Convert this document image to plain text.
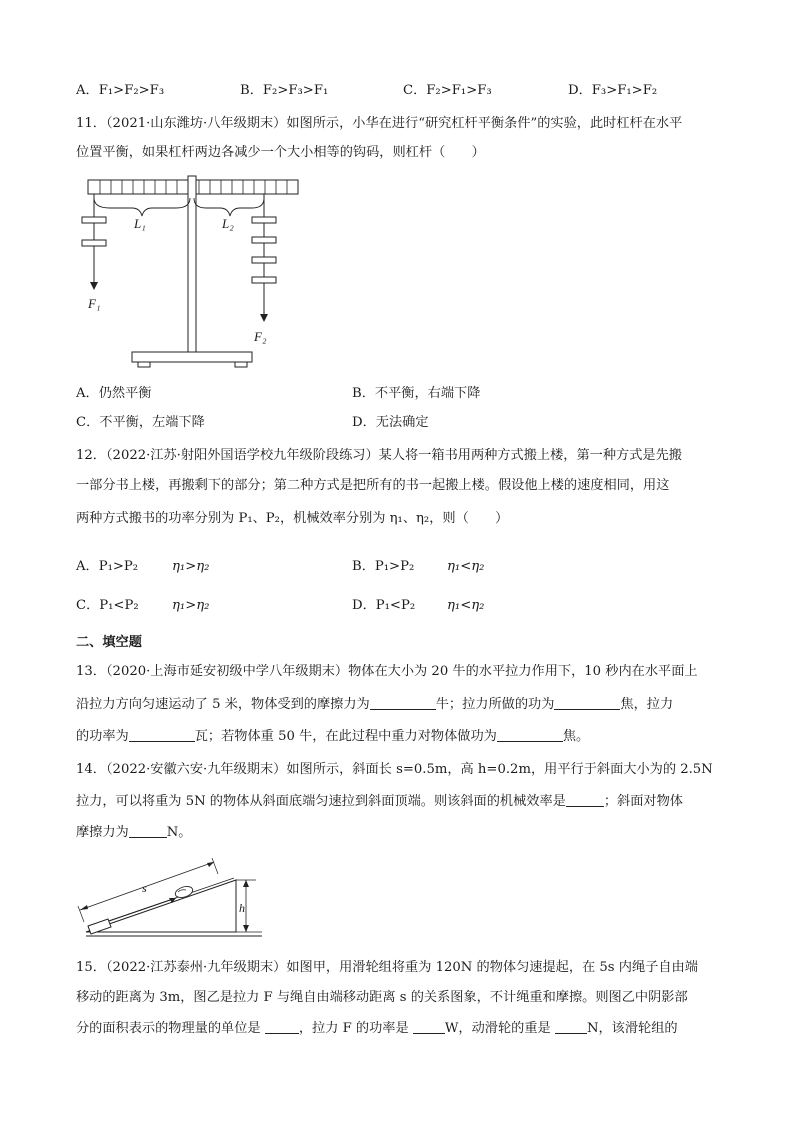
A．F₁>F₂>F₃	B．F₂>F₃>F₁	C．F₂>F₁>F₃	D．F₃>F₁>F₂
11．（2021·山东潍坊·八年级期末）如图所示，小华在进行“研究杠杆平衡条件”的实验，此时杠杆在水平
位置平衡，如果杠杆两边各减少一个大小相等的钩码，则杠杆（　　）
L₁	L₂
F₁
F₂
A．仍然平衡	B．不平衡，右端下降
C．不平衡，左端下降	D．无法确定
12．（2022·江苏·射阳外国语学校九年级阶段练习）某人将一箱书用两种方式搬上楼，第一种方式是先搬
一部分书上楼，再搬剩下的部分；第二种方式是把所有的书一起搬上楼。假设他上楼的速度相同，用这
两种方式搬书的功率分别为 P₁、P₂，机械效率分别为 η₁、η₂，则（　　）
A．P₁>P₂	η₁>η₂	B．P₁>P₂ η₁<η₂
C．P₁<P₂	η₁>η₂	D．P₁<P₂ η₁<η₂
二、填空题
13．（2020·上海市延安初级中学八年级期末）物体在大小为 20 牛的水平拉力作用下，10 秒内在水平面上
沿拉力方向匀速运动了 5 米，物体受到的摩擦力为	牛；拉力所做的功为	焦，拉力
的功率为	瓦；若物体重 50 牛，在此过程中重力对物体做功为	焦。
14．（2022·安徽六安·九年级期末）如图所示，斜面长 s=0.5m，高 h=0.2m，用平行于斜面大小为的 2.5N
拉力，可以将重为 5N 的物体从斜面底端匀速拉到斜面顶端。则该斜面的机械效率是	；斜面对物体
摩擦力为	N。
s
h
15．（2022·江苏泰州·九年级期末）如图甲，用滑轮组将重为 120N 的物体匀速提起，在 5s 内绳子自由端
移动的距离为 3m，图乙是拉力 F 与绳自由端移动距离 s 的关系图象，不计绳重和摩擦。则图乙中阴影部
分的面积表示的物理量的单位是	，拉力 F 的功率是 W，动滑轮的重是 N，该滑轮组的
